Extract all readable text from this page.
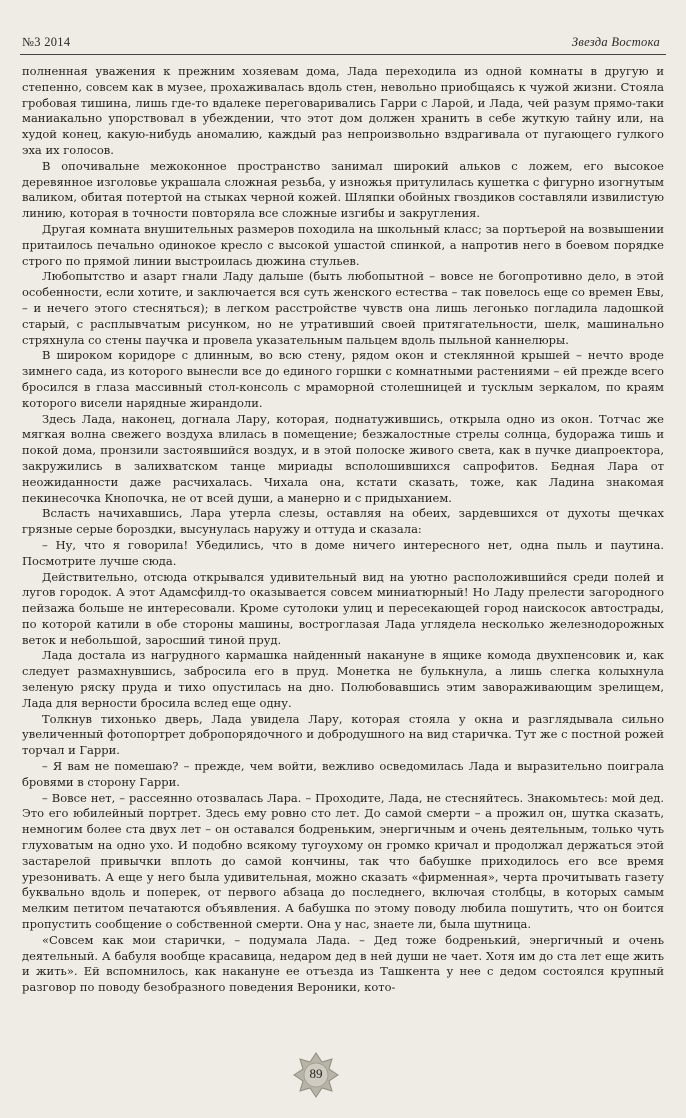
№3 2014	Звезда Востока

полненная уважения к прежним хозяевам дома, Лада переходила из одной комнаты в другую и степенно, совсем как в музее, прохаживалась вдоль стен, невольно приобщаясь к чужой жизни. Стояла гробовая тишина, лишь где-то вдалеке переговаривались Гарри с Ларой, и Лада, чей разум прямо-таки маниакально упорствовал в убеждении, что этот дом должен хранить в себе жуткую тайну или, на худой конец, какую-нибудь аномалию, каждый раз непроизвольно вздрагивала от пугающего гулкого эха их голосов.

В опочивальне межоконное пространство занимал широкий альков с ложем, его высокое деревянное изголовье украшала сложная резьба, у изножья притулилась кушетка с фигурно изогнутым валиком, обитая потертой на стыках черной кожей. Шляпки обойных гвоздиков составляли извилистую линию, которая в точности повторяла все сложные изгибы и закругления.

Другая комната внушительных размеров походила на школьный класс; за портьерой на возвышении притаилось печально одинокое кресло с высокой ушастой спинкой, а напротив него в боевом порядке строго по прямой линии выстроилась дюжина стульев.

Любопытство и азарт гнали Ладу дальше (быть любопытной – вовсе не богопротивно дело, в этой особенности, если хотите, и заключается вся суть женского естества – так повелось еще со времен Евы, – и нечего этого стесняться); в легком расстройстве чувств она лишь легонько погладила ладошкой старый, с расплывчатым рисунком, но не утративший своей притягательности, шелк, машинально стряхнула со стены паучка и провела указательным пальцем вдоль пыльной каннелюры.

В широком коридоре с длинным, во всю стену, рядом окон и стеклянной крышей – нечто вроде зимнего сада, из которого вынесли все до единого горшки с комнатными растениями – ей прежде всего бросился в глаза массивный стол-консоль с мраморной столешницей и тусклым зеркалом, по краям которого висели нарядные жирандоли.

Здесь Лада, наконец, догнала Лару, которая, поднатужившись, открыла одно из окон. Тотчас же мягкая волна свежего воздуха влилась в помещение; безжалостные стрелы солнца, будоража тишь и покой дома, пронзили застоявшийся воздух, и в этой полоске живого света, как в пучке диапроектора, закружились в залихватском танце мириады всполошившихся сапрофитов. Бедная Лара от неожиданности даже расчихалась. Чихала она, кстати сказать, тоже, как Ладина знакомая пекинесочка Кнопочка, не от всей души, а манерно и с придыханием.

Всласть начихавшись, Лара утерла слезы, оставляя на обеих, зардевшихся от духоты щечках грязные серые бороздки, высунулась наружу и оттуда и сказала:

– Ну, что я говорила! Убедились, что в доме ничего интересного нет, одна пыль и паутина. Посмотрите лучше сюда.

Действительно, отсюда открывался удивительный вид на уютно расположившийся среди полей и лугов городок. А этот Адамсфилд-то оказывается совсем миниатюрный! Но Ладу прелести загородного пейзажа больше не интересовали. Кроме сутолоки улиц и пересекающей город наискосок автострады, по которой катили в обе стороны машины, востроглазая Лада углядела несколько железнодорожных веток и небольшой, заросший тиной пруд.

Лада достала из нагрудного кармашка найденный накануне в ящике комода двухпенсовик и, как следует размахнувшись, забросила его в пруд. Монетка не булькнула, а лишь слегка колыхнула зеленую ряску пруда и тихо опустилась на дно. Полюбовавшись этим завораживающим зрелищем, Лада для верности бросила вслед еще одну.

Толкнув тихонько дверь, Лада увидела Лару, которая стояла у окна и разглядывала сильно увеличенный фотопортрет добропорядочного и добродушного на вид старичка. Тут же с постной рожей торчал и Гарри.

– Я вам не помешаю? – прежде, чем войти, вежливо осведомилась Лада и выразительно поиграла бровями в сторону Гарри.

– Вовсе нет, – рассеянно отозвалась Лара. – Проходите, Лада, не стесняйтесь. Знакомьтесь: мой дед. Это его юбилейный портрет. Здесь ему ровно сто лет. До самой смерти – а прожил он, шутка сказать, немногим более ста двух лет – он оставался бодреньким, энергичным и очень деятельным, только чуть глуховатым на одно ухо. И подобно всякому тугоухому он громко кричал и продолжал держаться этой застарелой привычки вплоть до самой кончины, так что бабушке приходилось его все время урезонивать. А еще у него была удивительная, можно сказать «фирменная», черта прочитывать газету буквально вдоль и поперек, от первого абзаца до последнего, включая столбцы, в которых самым мелким петитом печатаются объявления. А бабушка по этому поводу любила пошутить, что он боится пропустить сообщение о собственной смерти. Она у нас, знаете ли, была шутница.

«Совсем как мои старички, – подумала Лада. – Дед тоже бодренький, энергичный и очень деятельный. А бабуля вообще красавица, недаром дед в ней души не чает. Хотя им до ста лет еще жить и жить». Ей вспомнилось, как накануне ее отъезда из Ташкента у нее с дедом состоялся крупный разговор по поводу безобразного поведения Вероники, кото-

89
